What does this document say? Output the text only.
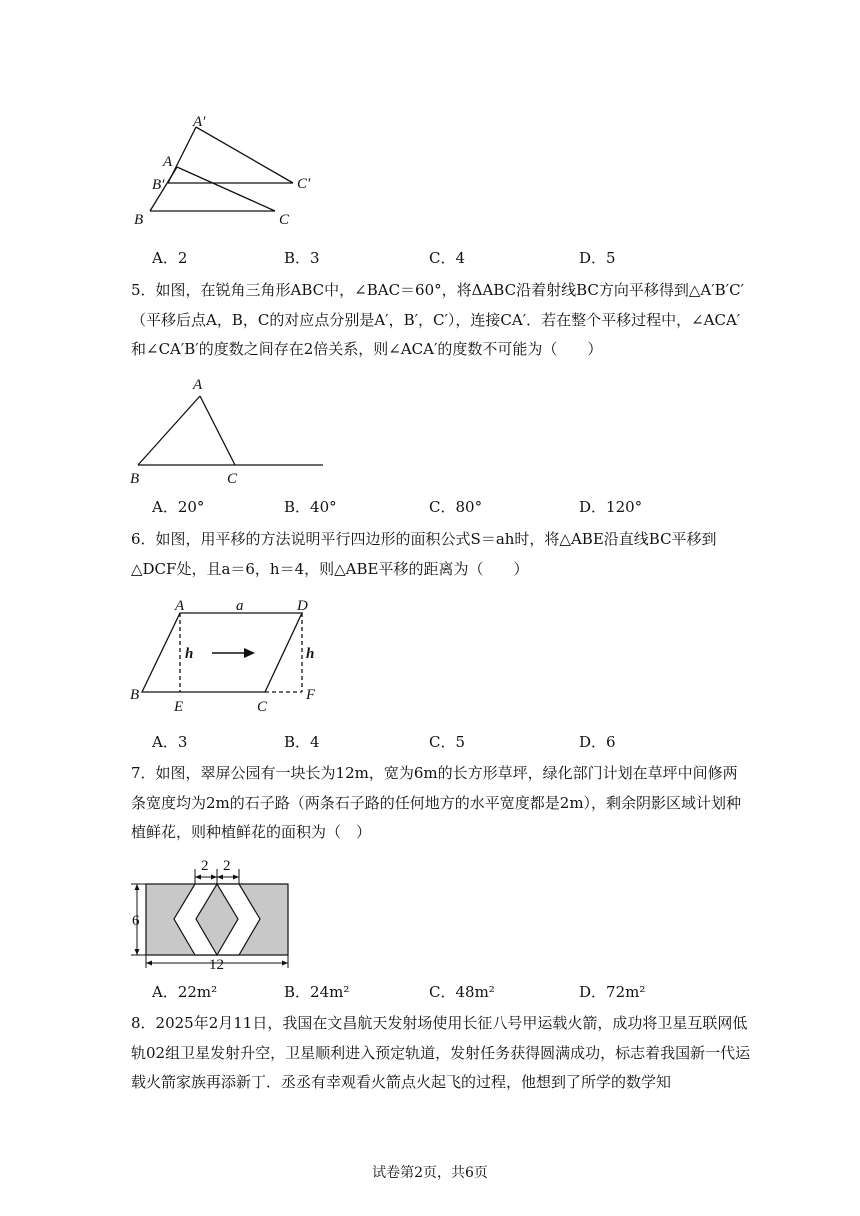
A′
A
B′	C′
B	C
A．2	B．3	C．4	D．5
5．如图，在锐角三角形ABC中，∠BAC＝60°，将ΔABC沿着射线BC方向平移得到△A′B′C′（平移后点A，B，C的对应点分别是A′，B′，C′），连接CA′．若在整个平移过程中，∠ACA′和∠CA′B′的度数之间存在2倍关系，则∠ACA′的度数不可能为（　　）
A
B	C
A．20°	B．40°	C．80°	D．120°
6．如图，用平移的方法说明平行四边形的面积公式S＝ah时，将△ABE沿直线BC平移到△DCF处，且a＝6，h＝4，则△ABE平移的距离为（　　）
A	a	D
h	h
B
E	C
F
A．3	B．4	C．5	D．6
7．如图，翠屏公园有一块长为12m，宽为6m的长方形草坪，绿化部门计划在草坪中间修两条宽度均为2m的石子路（两条石子路的任何地方的水平宽度都是2m），剩余阴影区域计划种植鲜花，则种植鲜花的面积为（　）
2 2
6
12
A．22m²	B．24m²	C．48m²	D．72m²
8．2025年2月11日，我国在文昌航天发射场使用长征八号甲运载火箭，成功将卫星互联网低轨02组卫星发射升空，卫星顺利进入预定轨道，发射任务获得圆满成功，标志着我国新一代运载火箭家族再添新丁．丞丞有幸观看火箭点火起飞的过程，他想到了所学的数学知
试卷第2页，共6页
